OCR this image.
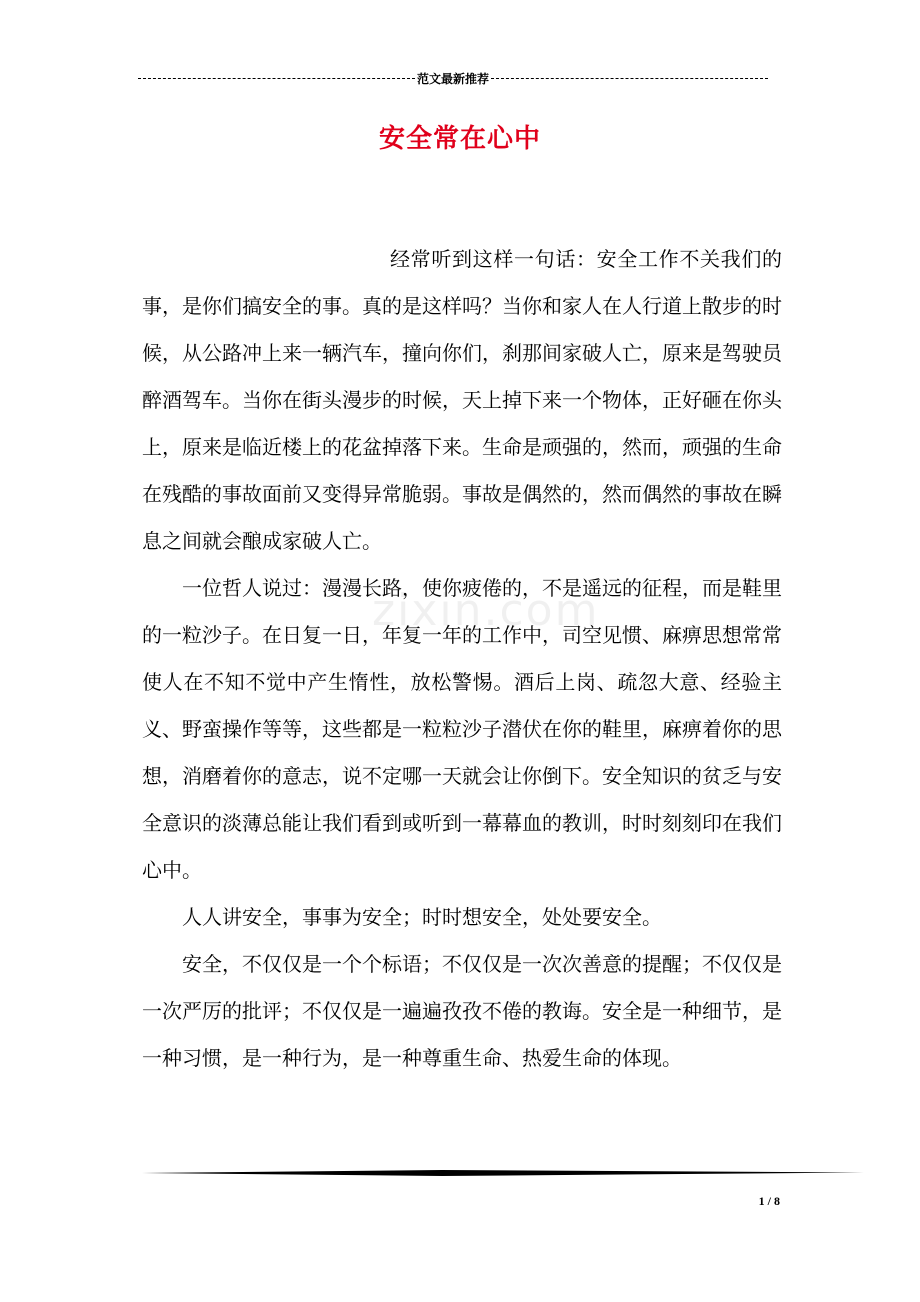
范文最新推荐
安全常在心中

经常听到这样一句话：安全工作不关我们的事，是你们搞安全的事。真的是这样吗？当你和家人在人行道上散步的时候，从公路冲上来一辆汽车，撞向你们，刹那间家破人亡，原来是驾驶员醉酒驾车。当你在街头漫步的时候，天上掉下来一个物体，正好砸在你头上，原来是临近楼上的花盆掉落下来。生命是顽强的，然而，顽强的生命在残酷的事故面前又变得异常脆弱。事故是偶然的，然而偶然的事故在瞬息之间就会酿成家破人亡。

一位哲人说过：漫漫长路，使你疲倦的，不是遥远的征程，而是鞋里的一粒沙子。在日复一日，年复一年的工作中，司空见惯、麻痹思想常常使人在不知不觉中产生惰性，放松警惕。酒后上岗、疏忽大意、经验主义、野蛮操作等等，这些都是一粒粒沙子潜伏在你的鞋里，麻痹着你的思想，消磨着你的意志，说不定哪一天就会让你倒下。安全知识的贫乏与安全意识的淡薄总能让我们看到或听到一幕幕血的教训，时时刻刻印在我们心中。

人人讲安全，事事为安全；时时想安全，处处要安全。

安全，不仅仅是一个个标语；不仅仅是一次次善意的提醒；不仅仅是一次严厉的批评；不仅仅是一遍遍孜孜不倦的教诲。安全是一种细节，是一种习惯，是一种行为，是一种尊重生命、热爱生命的体现。

zixin.com
1 / 8
